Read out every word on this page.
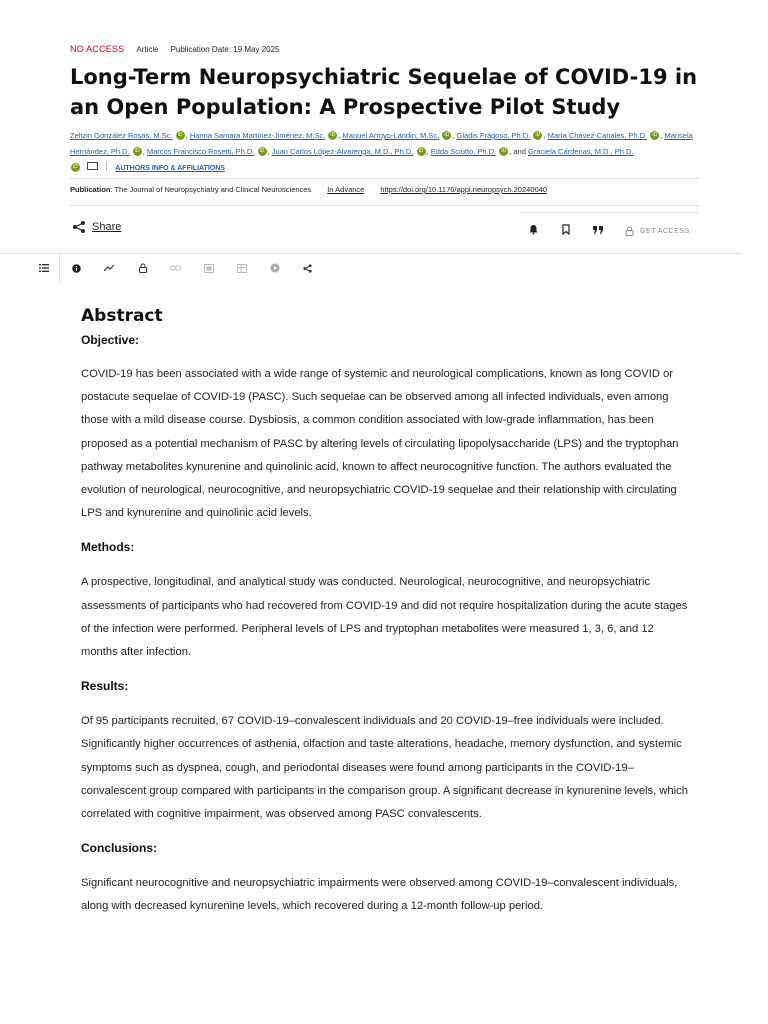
NO ACCESS Article Publication Date: 19 May 2025
Long-Term Neuropsychiatric Sequelae of COVID-19 in an Open Population: A Prospective Pilot Study
Zeltzin González Rosas, M.Sc. iD , Hanna Samara Martínez-Jiménez, M.Sc. iD , Manuel Arroyo-Landin, M.Sc. iD , Gladis Fragoso, Ph.D. iD , María Chávez-Canales, Ph.D. iD , Marisela Hernández, Ph.D. iD , Marcos Francisco Rosetti, Ph.D. iD , Juan Carlos López-Alvarenga, M.D., Ph.D. iD , Edda Sciutto, Ph.D. iD , and Graciela Cárdenas, M.D., Ph.D.
iD	AUTHORS INFO & AFFILIATIONS
Publication: The Journal of Neuropsychiatry and Clinical Neurosciences In Advance https://doi.org/10.1176/appi.neuropsych.20240040
Share	GET ACCESS
Abstract
Objective:

COVID-19 has been associated with a wide range of systemic and neurological complications, known as long COVID or postacute sequelae of COVID-19 (PASC). Such sequelae can be observed among all infected individuals, even among those with a mild disease course. Dysbiosis, a common condition associated with low-grade inflammation, has been proposed as a potential mechanism of PASC by altering levels of circulating lipopolysaccharide (LPS) and the tryptophan pathway metabolites kynurenine and quinolinic acid, known to affect neurocognitive function. The authors evaluated the evolution of neurological, neurocognitive, and neuropsychiatric COVID-19 sequelae and their relationship with circulating LPS and kynurenine and quinolinic acid levels.

Methods:

A prospective, longitudinal, and analytical study was conducted. Neurological, neurocognitive, and neuropsychiatric assessments of participants who had recovered from COVID-19 and did not require hospitalization during the acute stages of the infection were performed. Peripheral levels of LPS and tryptophan metabolites were measured 1, 3, 6, and 12 months after infection.

Results:

Of 95 participants recruited, 67 COVID-19–convalescent individuals and 20 COVID-19–free individuals were included. Significantly higher occurrences of asthenia, olfaction and taste alterations, headache, memory dysfunction, and systemic symptoms such as dyspnea, cough, and periodontal diseases were found among participants in the COVID-19–convalescent group compared with participants in the comparison group. A significant decrease in kynurenine levels, which correlated with cognitive impairment, was observed among PASC convalescents.

Conclusions:

Significant neurocognitive and neuropsychiatric impairments were observed among COVID-19–convalescent individuals, along with decreased kynurenine levels, which recovered during a 12-month follow-up period.
